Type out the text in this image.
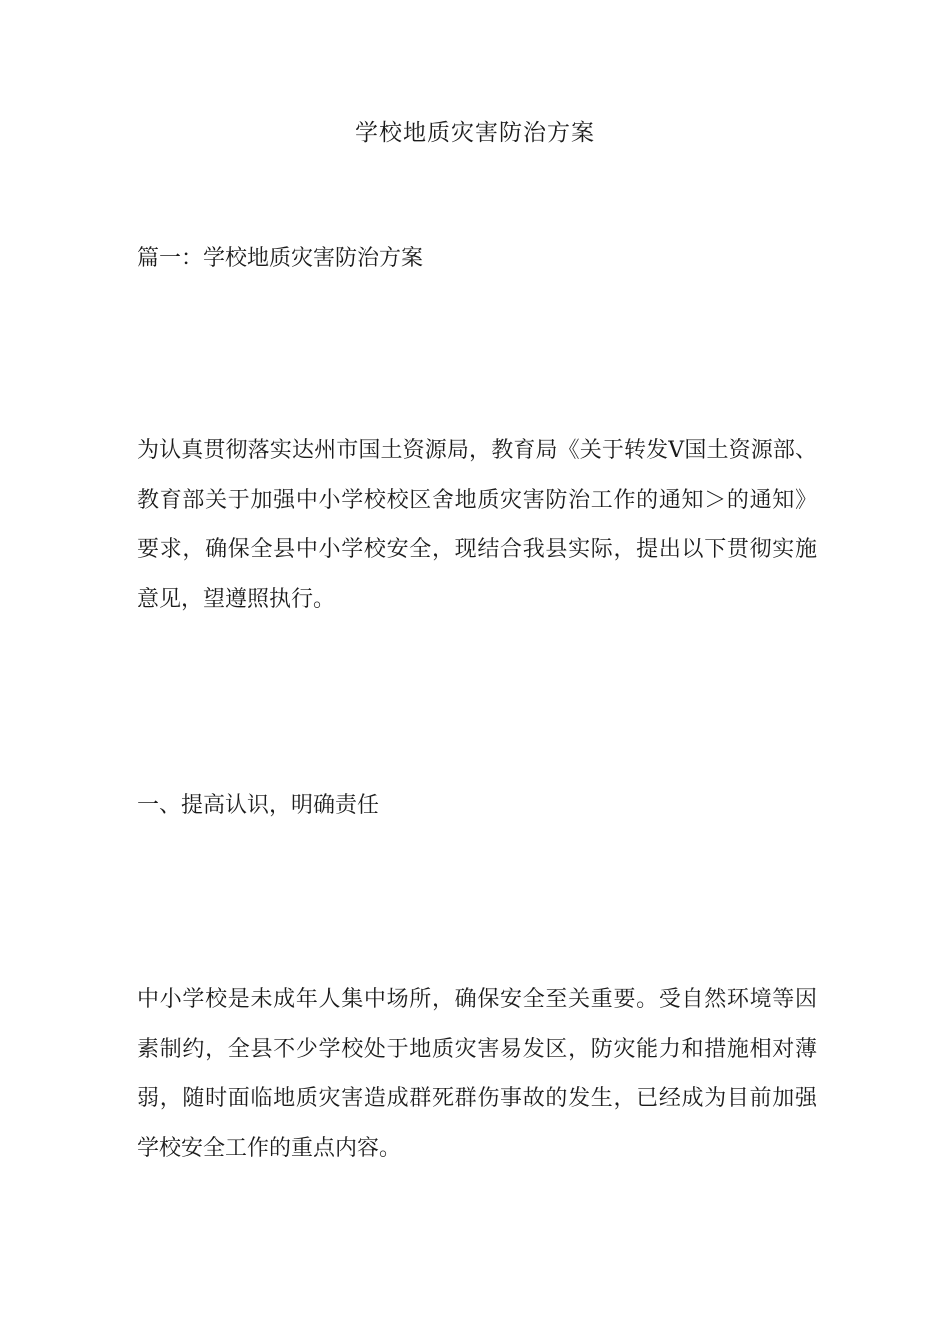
学校地质灾害防治方案
篇一：学校地质灾害防治方案
为认真贯彻落实达州市国土资源局，教育局《关于转发V国土资源部、教育部关于加强中小学校校区舍地质灾害防治工作的通知＞的通知》要求，确保全县中小学校安全，现结合我县实际，提出以下贯彻实施意见，望遵照执行。
一、提高认识，明确责任
中小学校是未成年人集中场所，确保安全至关重要。受自然环境等因素制约，全县不少学校处于地质灾害易发区，防灾能力和措施相对薄弱，随时面临地质灾害造成群死群伤事故的发生，已经成为目前加强学校安全工作的重点内容。
